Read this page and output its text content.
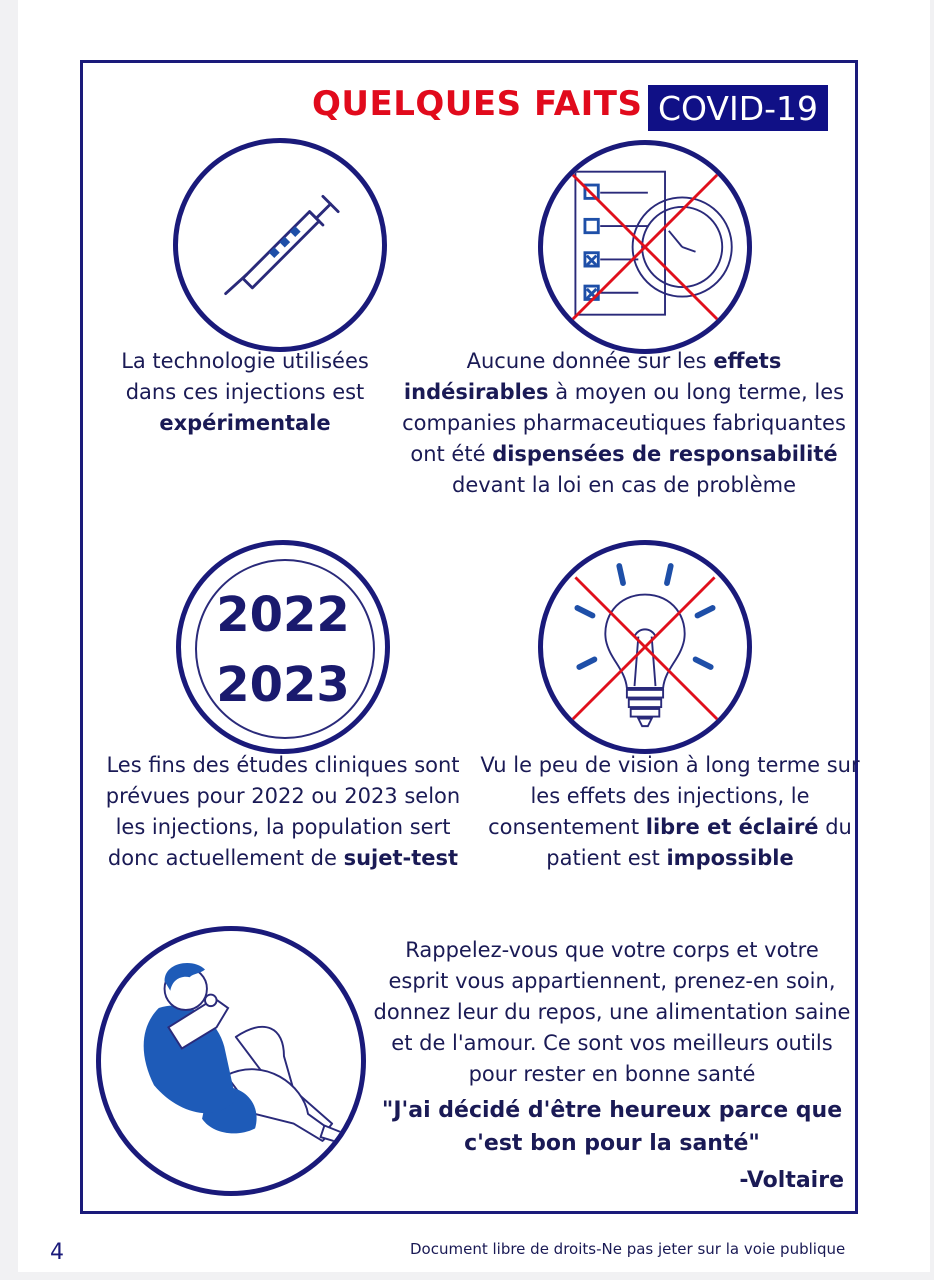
QUELQUES FAITS COVID-19
La technologie utilisées dans ces injections est expérimentale
Aucune donnée sur les effets indésirables à moyen ou long terme, les companies pharmaceutiques fabriquantes ont été dispensées de responsabilité devant la loi en cas de problème
2022
2023
Les fins des études cliniques sont prévues pour 2022 ou 2023 selon les injections, la population sert donc actuellement de sujet-test
Vu le peu de vision à long terme sur les effets des injections, le consentement libre et éclairé du patient est impossible
Rappelez-vous que votre corps et votre esprit vous appartiennent, prenez-en soin, donnez leur du repos, une alimentation saine et de l'amour. Ce sont vos meilleurs outils pour rester en bonne santé
"J'ai décidé d'être heureux parce que c'est bon pour la santé"
-Voltaire
4	Document libre de droits-Ne pas jeter sur la voie publique
